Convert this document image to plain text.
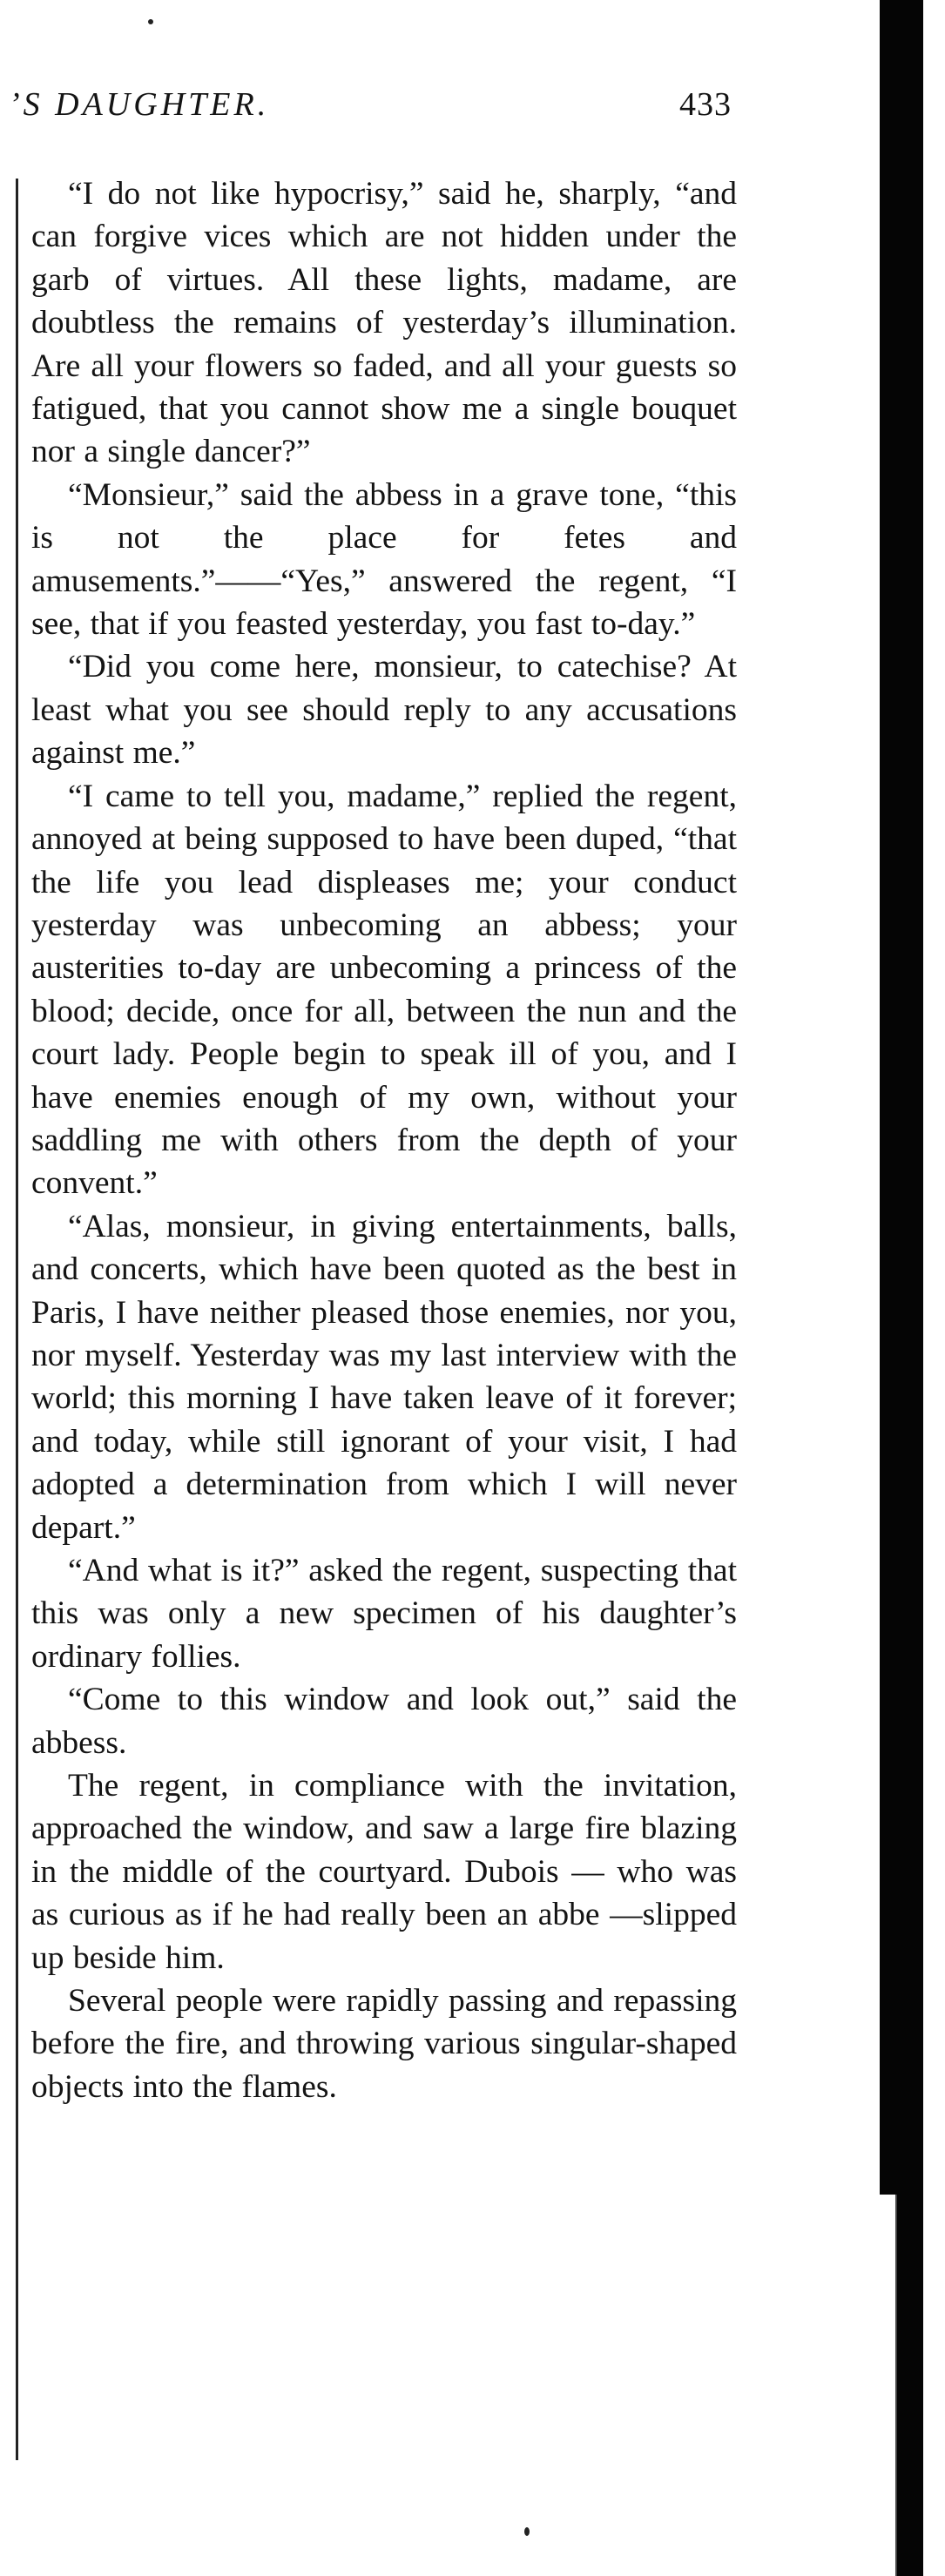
’S DAUGHTER.	433

“I do not like hypocrisy,” said he, sharply, “and can forgive vices which are not hidden under the garb of virtues. All these lights, madame, are doubtless the remains of yesterday’s illumination. Are all your flowers so faded, and all your guests so fatigued, that you cannot show me a single bouquet nor a single dancer?”

“Monsieur,” said the abbess in a grave tone, “this is not the place for fetes and amusements.”——“Yes,” answered the regent, “I see, that if you feasted yesterday, you fast to-day.”

“Did you come here, monsieur, to catechise? At least what you see should reply to any accusations against me.”

“I came to tell you, madame,” replied the regent, annoyed at being supposed to have been duped, “that the life you lead displeases me; your conduct yesterday was unbecoming an abbess; your austerities to-day are unbecoming a princess of the blood; decide, once for all, between the nun and the court lady. People begin to speak ill of you, and I have enemies enough of my own, without your saddling me with others from the depth of your convent.”

“Alas, monsieur, in giving entertainments, balls, and concerts, which have been quoted as the best in Paris, I have neither pleased those enemies, nor you, nor myself. Yesterday was my last interview with the world; this morning I have taken leave of it forever; and today, while still ignorant of your visit, I had adopted a determination from which I will never depart.”

“And what is it?” asked the regent, suspecting that this was only a new specimen of his daughter’s ordinary follies.

“Come to this window and look out,” said the abbess.

The regent, in compliance with the invitation, approached the window, and saw a large fire blazing in the middle of the courtyard. Dubois — who was as curious as if he had really been an abbe —slipped up beside him.

Several people were rapidly passing and repassing before the fire, and throwing various singular-shaped objects into the flames.
